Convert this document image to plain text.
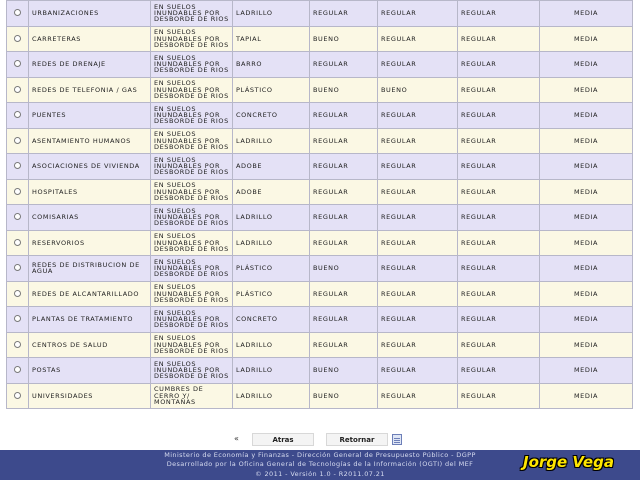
	URBANIZACIONES	EN SUELOS INUNDABLES POR DESBORDE DE RIOS	LADRILLO	REGULAR	REGULAR	REGULAR	MEDIA
	CARRETERAS	EN SUELOS INUNDABLES POR DESBORDE DE RIOS	TAPIAL	BUENO	REGULAR	REGULAR	MEDIA
	REDES DE DRENAJE	EN SUELOS INUNDABLES POR DESBORDE DE RIOS	BARRO	REGULAR	REGULAR	REGULAR	MEDIA
	REDES DE TELEFONIA / GAS	EN SUELOS INUNDABLES POR DESBORDE DE RIOS	PLÁSTICO	BUENO	BUENO	REGULAR	MEDIA
	PUENTES	EN SUELOS INUNDABLES POR DESBORDE DE RIOS	CONCRETO	REGULAR	REGULAR	REGULAR	MEDIA
	ASENTAMIENTO HUMANOS	EN SUELOS INUNDABLES POR DESBORDE DE RIOS	LADRILLO	REGULAR	REGULAR	REGULAR	MEDIA
	ASOCIACIONES DE VIVIENDA	EN SUELOS INUNDABLES POR DESBORDE DE RIOS	ADOBE	REGULAR	REGULAR	REGULAR	MEDIA
	HOSPITALES	EN SUELOS INUNDABLES POR DESBORDE DE RIOS	ADOBE	REGULAR	REGULAR	REGULAR	MEDIA
	COMISARIAS	EN SUELOS INUNDABLES POR DESBORDE DE RIOS	LADRILLO	REGULAR	REGULAR	REGULAR	MEDIA
	RESERVORIOS	EN SUELOS INUNDABLES POR DESBORDE DE RIOS	LADRILLO	REGULAR	REGULAR	REGULAR	MEDIA
	REDES DE DISTRIBUCION DE AGUA	EN SUELOS INUNDABLES POR DESBORDE DE RIOS	PLÁSTICO	BUENO	REGULAR	REGULAR	MEDIA
	REDES DE ALCANTARILLADO	EN SUELOS INUNDABLES POR DESBORDE DE RIOS	PLÁSTICO	REGULAR	REGULAR	REGULAR	MEDIA
	PLANTAS DE TRATAMIENTO	EN SUELOS INUNDABLES POR DESBORDE DE RIOS	CONCRETO	REGULAR	REGULAR	REGULAR	MEDIA
	CENTROS DE SALUD	EN SUELOS INUNDABLES POR DESBORDE DE RIOS	LADRILLO	REGULAR	REGULAR	REGULAR	MEDIA
	POSTAS	EN SUELOS INUNDABLES POR DESBORDE DE RIOS	LADRILLO	BUENO	REGULAR	REGULAR	MEDIA
	UNIVERSIDADES	CUMBRES DE CERRO Y/ MONTAÑAS	LADRILLO	BUENO	REGULAR	REGULAR	MEDIA
«	Atras	Retornar
Ministerio de Economía y Finanzas - Dirección General de Presupuesto Público - DGPP
Desarrollado por la Oficina General de Tecnologías de la Información (OGTI) del MEF
© 2011 - Versión 1.0 - R2011.07.21
Jorge Vega
